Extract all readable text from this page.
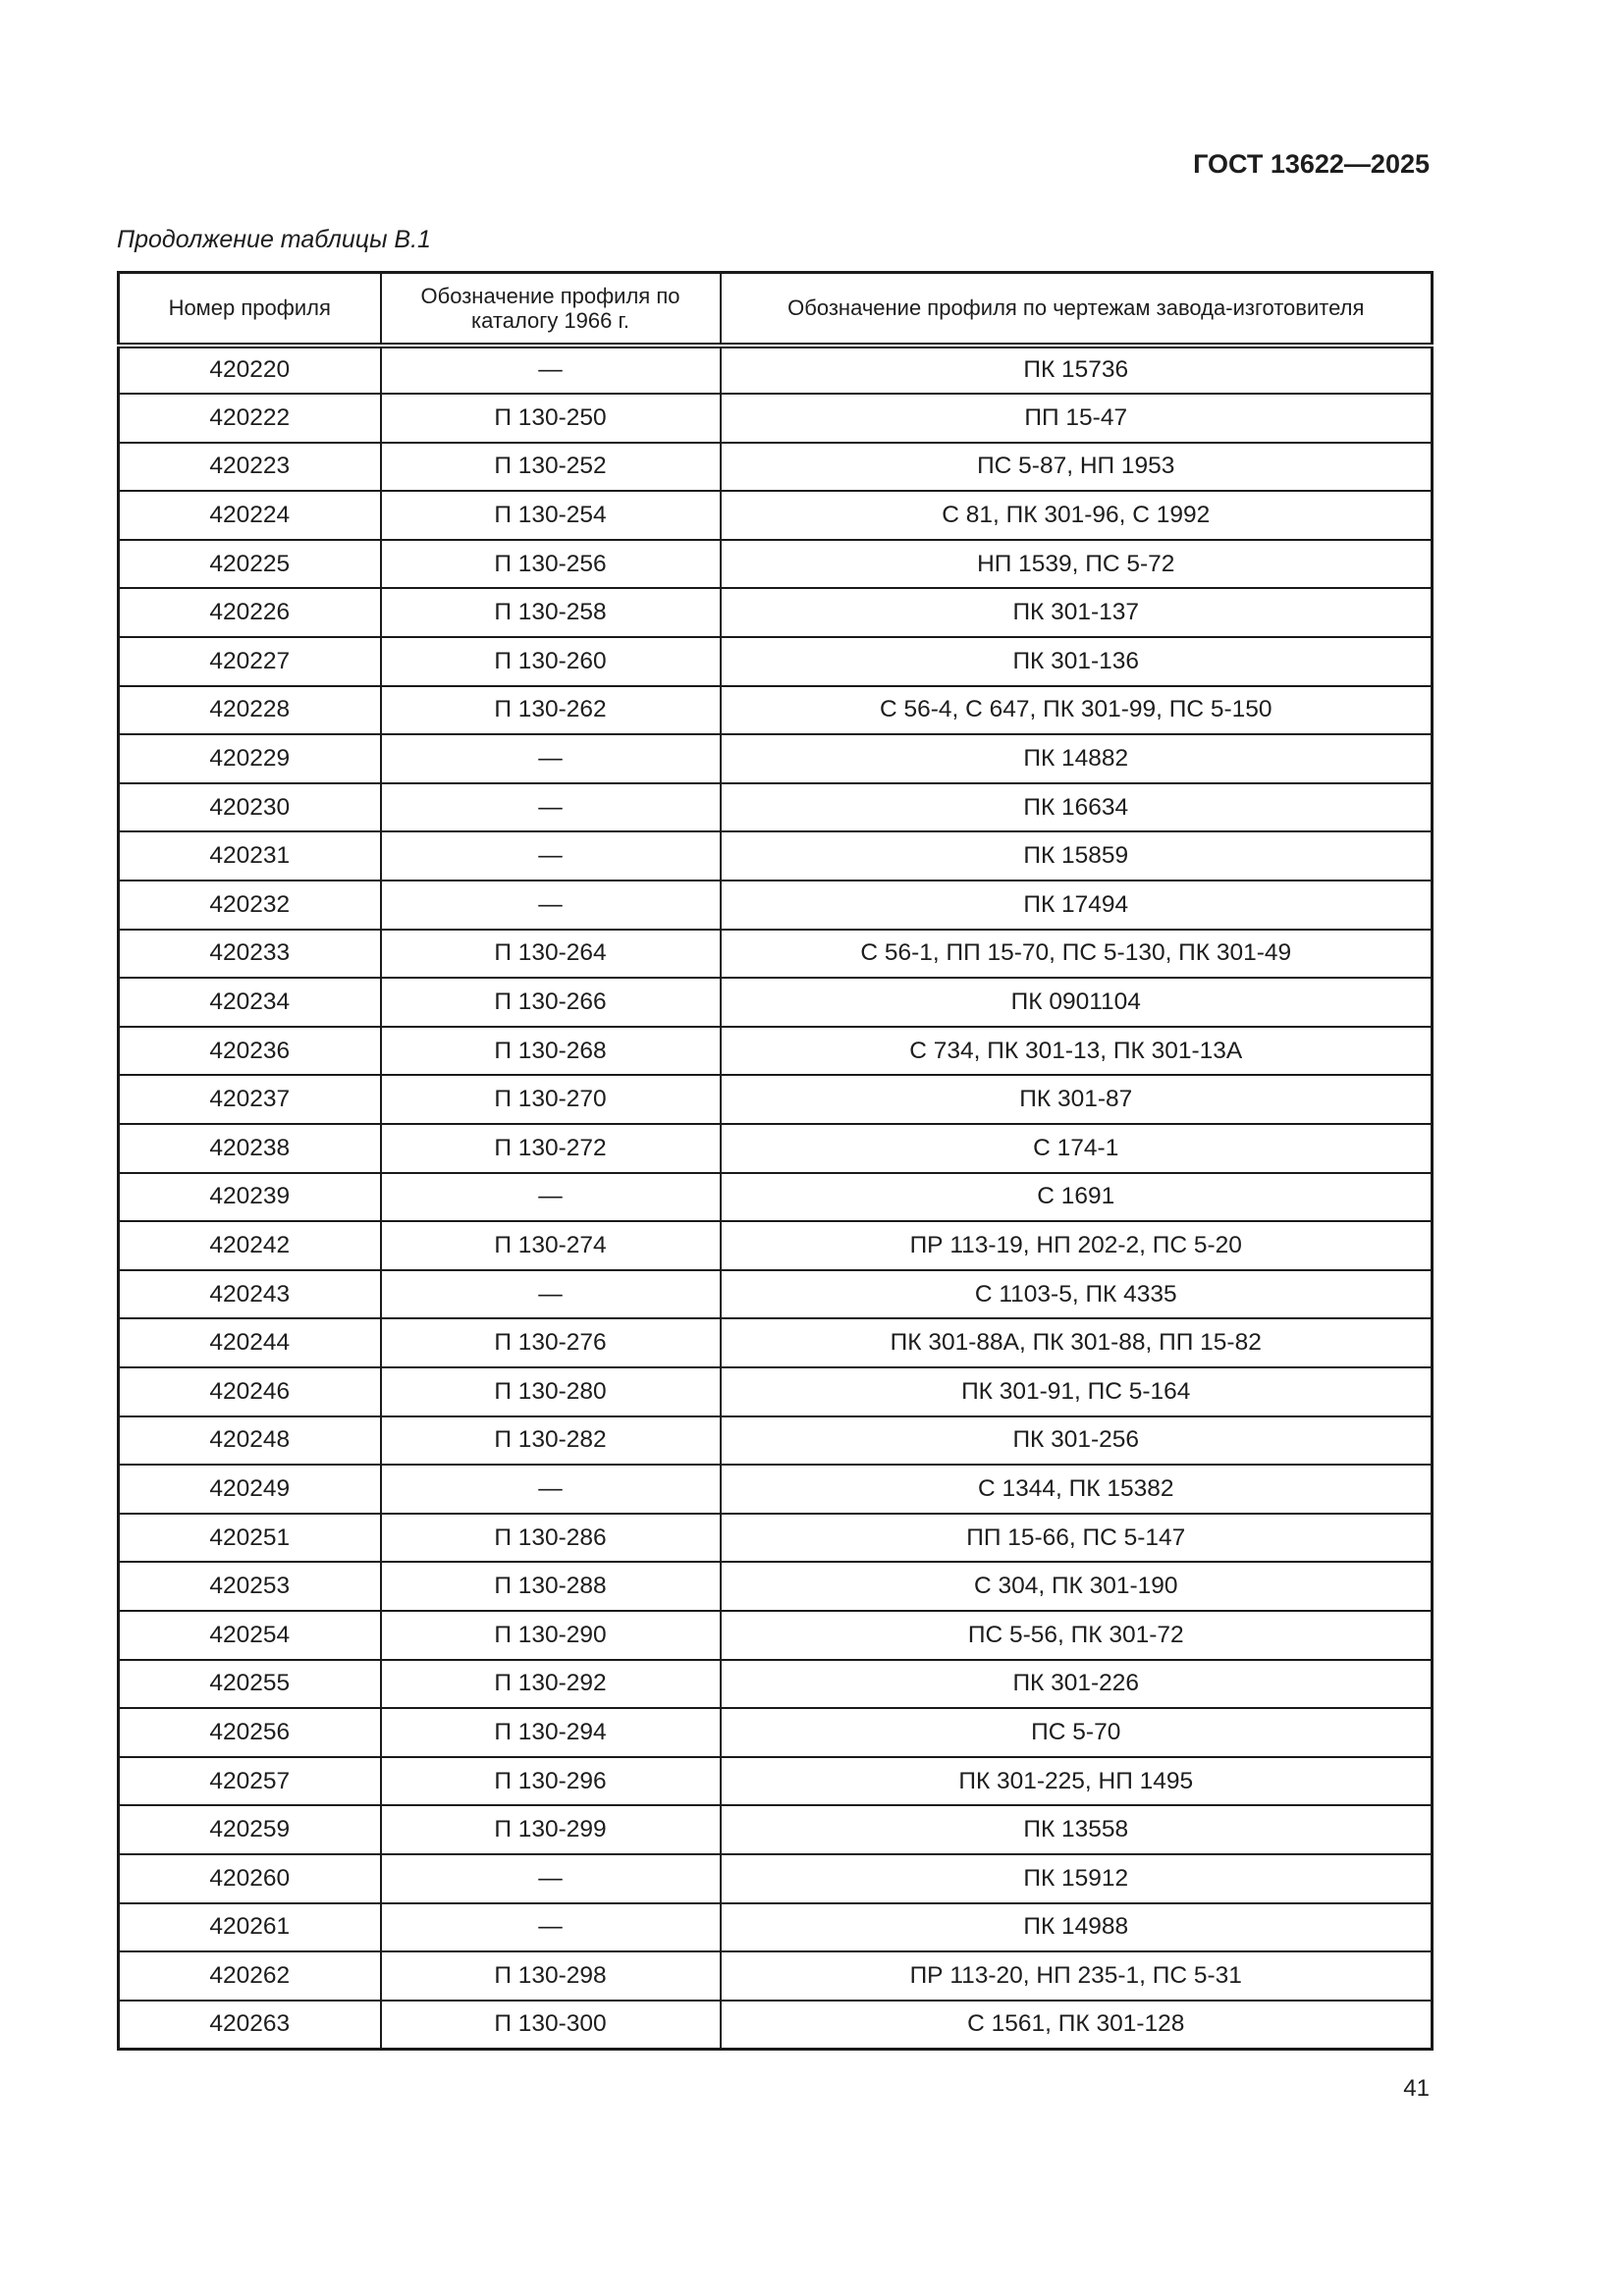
ГОСТ 13622—2025
Продолжение таблицы В.1
Номер профиля	Обозначение профиля по каталогу 1966 г.	Обозначение профиля по чертежам завода-изготовителя
420220	—	ПК 15736
420222	П 130-250	ПП 15-47
420223	П 130-252	ПС 5-87, НП 1953
420224	П 130-254	С 81, ПК 301-96, С 1992
420225	П 130-256	НП 1539, ПС 5-72
420226	П 130-258	ПК 301-137
420227	П 130-260	ПК 301-136
420228	П 130-262	С 56-4, С 647, ПК 301-99, ПС 5-150
420229	—	ПК 14882
420230	—	ПК 16634
420231	—	ПК 15859
420232	—	ПК 17494
420233	П 130-264	С 56-1, ПП 15-70, ПС 5-130, ПК 301-49
420234	П 130-266	ПК 0901104
420236	П 130-268	С 734, ПК 301-13, ПК 301-13А
420237	П 130-270	ПК 301-87
420238	П 130-272	С 174-1
420239	—	С 1691
420242	П 130-274	ПР 113-19, НП 202-2, ПС 5-20
420243	—	С 1103-5, ПК 4335
420244	П 130-276	ПК 301-88А, ПК 301-88, ПП 15-82
420246	П 130-280	ПК 301-91, ПС 5-164
420248	П 130-282	ПК 301-256
420249	—	С 1344, ПК 15382
420251	П 130-286	ПП 15-66, ПС 5-147
420253	П 130-288	С 304, ПК 301-190
420254	П 130-290	ПС 5-56, ПК 301-72
420255	П 130-292	ПК 301-226
420256	П 130-294	ПС 5-70
420257	П 130-296	ПК 301-225, НП 1495
420259	П 130-299	ПК 13558
420260	—	ПК 15912
420261	—	ПК 14988
420262	П 130-298	ПР 113-20, НП 235-1, ПС 5-31
420263	П 130-300	С 1561, ПК 301-128
41
